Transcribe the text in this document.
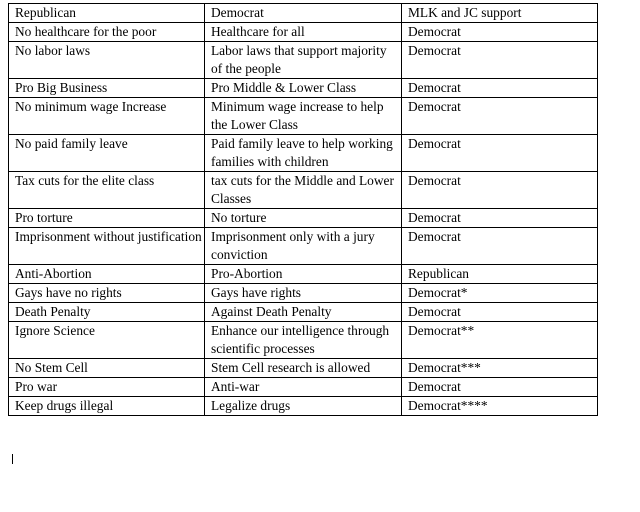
Republican	Democrat	MLK and JC support
No healthcare for the poor	Healthcare for all	Democrat
No labor laws	Labor laws that support majority of the people	Democrat
Pro Big Business	Pro Middle & Lower Class	Democrat
No minimum wage Increase	Minimum wage increase to help the Lower Class	Democrat
No paid family leave	Paid family leave to help working families with children	Democrat
Tax cuts for the elite class	tax cuts for the Middle and Lower Classes	Democrat
Pro torture	No torture	Democrat
Imprisonment without justification	Imprisonment only with a jury conviction	Democrat
Anti-Abortion	Pro-Abortion	Republican
Gays have no rights	Gays have rights	Democrat*
Death Penalty	Against Death Penalty	Democrat
Ignore Science	Enhance our intelligence through scientific processes	Democrat**
No Stem Cell	Stem Cell research is allowed	Democrat***
Pro war	Anti-war	Democrat
Keep drugs illegal	Legalize drugs	Democrat****
